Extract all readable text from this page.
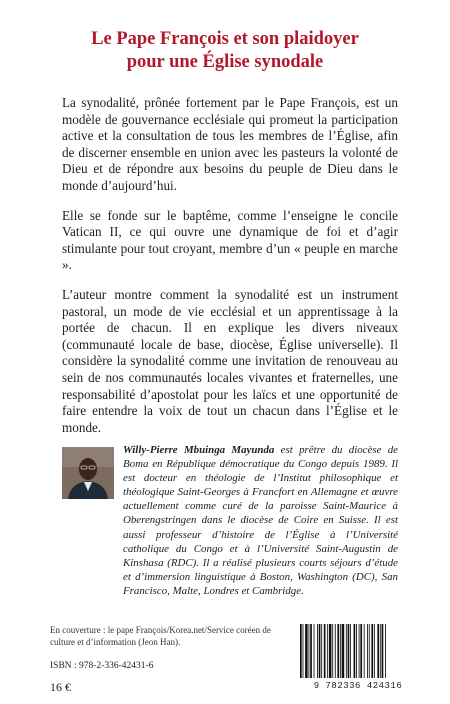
Le Pape François et son plaidoyer
pour une Église synodale

La synodalité, prônée fortement par le Pape François, est un modèle de gouvernance ecclésiale qui promeut la participation active et la consultation de tous les membres de l’Église, afin de discerner ensemble en union avec les pasteurs la volonté de Dieu et de répondre aux besoins du peuple de Dieu dans le monde d’aujourd’hui.

Elle se fonde sur le baptême, comme l’enseigne le concile Vatican II, ce qui ouvre une dynamique de foi et d’agir stimulante pour tout croyant, membre d’un « peuple en marche ».

L’auteur montre comment la synodalité est un instrument pastoral, un mode de vie ecclésial et un apprentissage à la portée de chacun. Il en explique les divers niveaux (communauté locale de base, diocèse, Église universelle). Il considère la synodalité comme une invitation de renouveau au sein de nos communautés locales vivantes et fraternelles, une responsabilité d’apostolat pour les laïcs et une opportunité de faire entendre la voix de tout un chacun dans l’Église et le monde.

Willy-Pierre Mbuinga Mayunda est prêtre du diocèse de Boma en République démocratique du Congo depuis 1989. Il est docteur en théologie de l’Institut philosophique et théologique Saint-Georges à Francfort en Allemagne et œuvre actuellement comme curé de la paroisse Saint-Maurice à Oberengstringen dans le diocèse de Coire en Suisse. Il est aussi professeur d’histoire de l’Église à l’Université catholique du Congo et à l’Université Saint-Augustin de Kinshasa (RDC). Il a réalisé plusieurs courts séjours d’étude et d’immersion linguistique à Boston, Washington (DC), San Francisco, Malte, Londres et Cambridge.
En couverture : le pape François/Korea.net/Service coréen de culture et d’information (Jeon Han).
ISBN : 978-2-336-42431-6
16 €	9 782336 424316
